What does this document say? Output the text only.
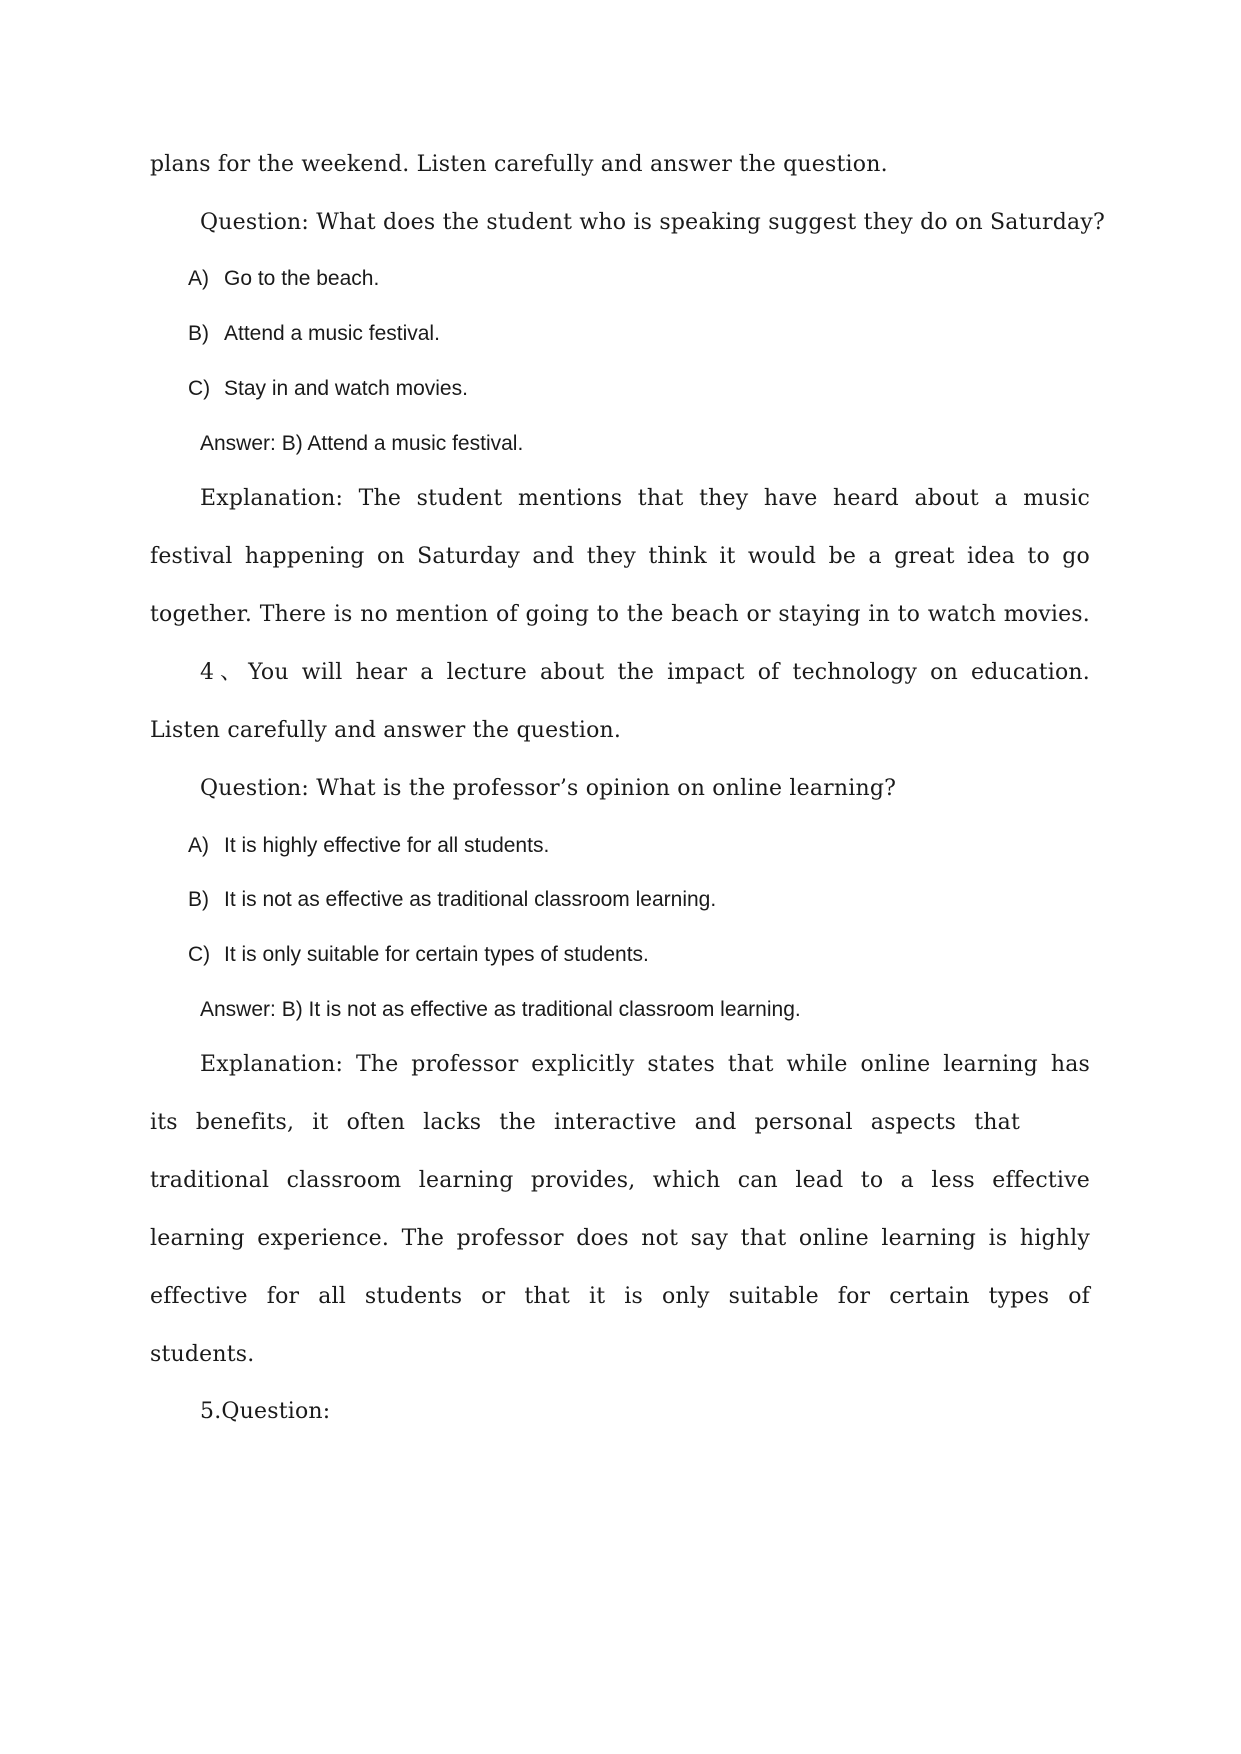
plans for the weekend. Listen carefully and answer the question.
Question: What does the student who is speaking suggest they do on Saturday?
A) Go to the beach.
B) Attend a music festival.
C) Stay in and watch movies.
Answer: B) Attend a music festival.
Explanation: The student mentions that they have heard about a music
festival happening on Saturday and they think it would be a great idea to go
together. There is no mention of going to the beach or staying in to watch movies.
4、You will hear a lecture about the impact of technology on education.
Listen carefully and answer the question.
Question: What is the professor’s opinion on online learning?
A) It is highly effective for all students.
B) It is not as effective as traditional classroom learning.
C) It is only suitable for certain types of students.
Answer: B) It is not as effective as traditional classroom learning.
Explanation: The professor explicitly states that while online learning has
its benefits, it often lacks the interactive and personal aspects that
traditional classroom learning provides, which can lead to a less effective
learning experience. The professor does not say that online learning is highly
effective for all students or that it is only suitable for certain types of
students.
5.Question:
